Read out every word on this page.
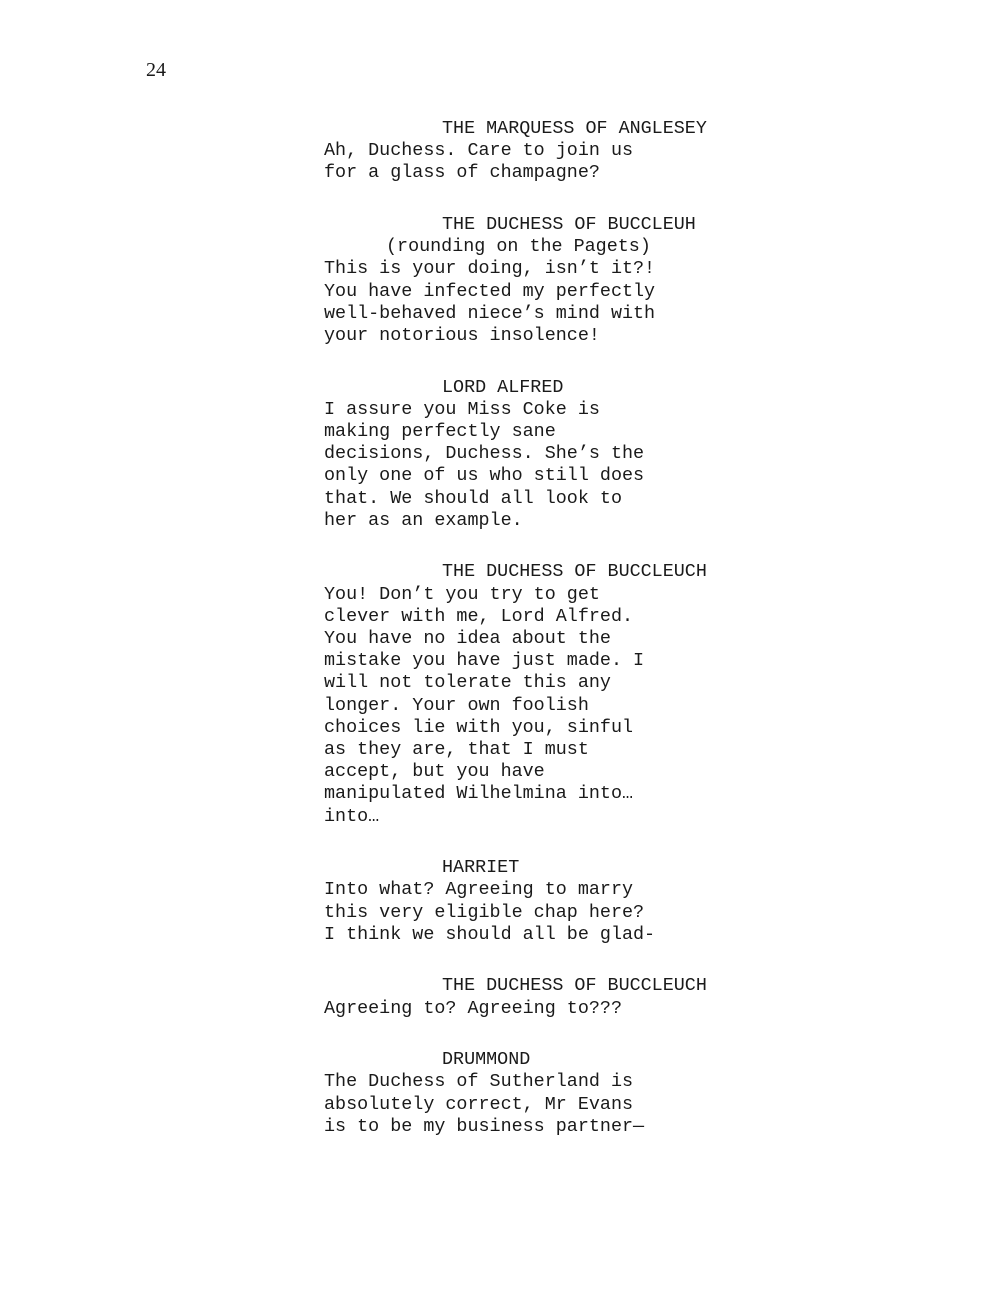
24
THE MARQUESS OF ANGLESEY
Ah, Duchess. Care to join us
for a glass of champagne?
THE DUCHESS OF BUCCLEUH
(rounding on the Pagets)
This is your doing, isn’t it?!
You have infected my perfectly
well-behaved niece’s mind with
your notorious insolence!
LORD ALFRED
I assure you Miss Coke is
making perfectly sane
decisions, Duchess. She’s the
only one of us who still does
that. We should all look to
her as an example.
THE DUCHESS OF BUCCLEUCH
You! Don’t you try to get
clever with me, Lord Alfred.
You have no idea about the
mistake you have just made. I
will not tolerate this any
longer. Your own foolish
choices lie with you, sinful
as they are, that I must
accept, but you have
manipulated Wilhelmina into…
into…
HARRIET
Into what? Agreeing to marry
this very eligible chap here?
I think we should all be glad-
THE DUCHESS OF BUCCLEUCH
Agreeing to? Agreeing to???
DRUMMOND
The Duchess of Sutherland is
absolutely correct, Mr Evans
is to be my business partner—
